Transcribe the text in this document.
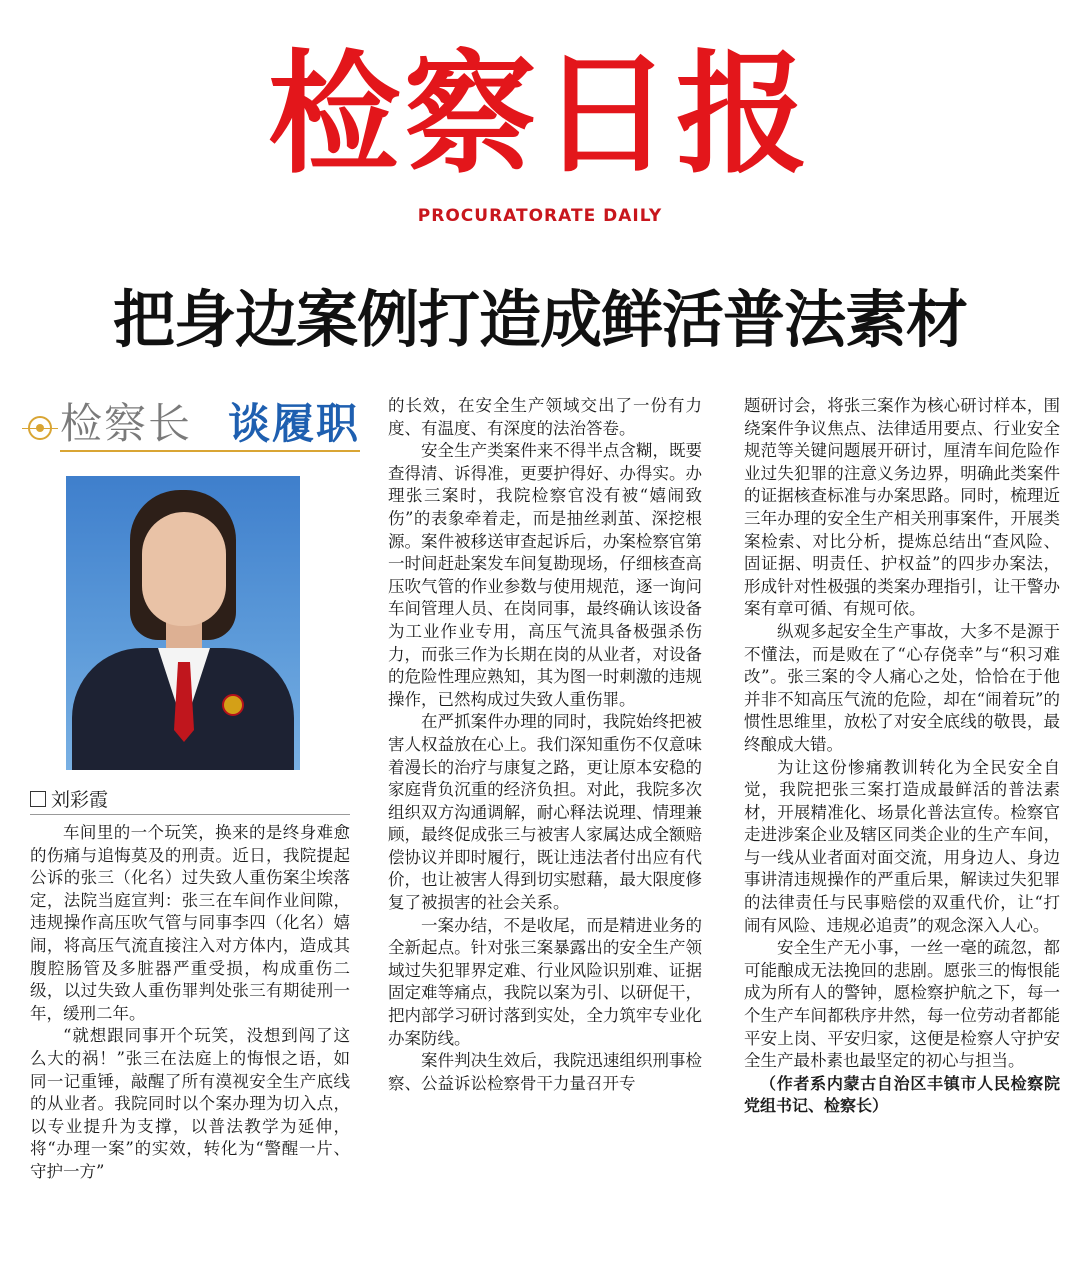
检察日报
PROCURATORATE DAILY
把身边案例打造成鲜活普法素材
检察长 谈履职
刘彩霞

车间里的一个玩笑，换来的是终身难愈的伤痛与追悔莫及的刑责。近日，我院提起公诉的张三（化名）过失致人重伤案尘埃落定，法院当庭宣判：张三在车间作业间隙，违规操作高压吹气管与同事李四（化名）嬉闹，将高压气流直接注入对方体内，造成其腹腔肠管及多脏器严重受损，构成重伤二级，以过失致人重伤罪判处张三有期徒刑一年，缓刑二年。

“就想跟同事开个玩笑，没想到闯了这么大的祸！”张三在法庭上的悔恨之语，如同一记重锤，敲醒了所有漠视安全生产底线的从业者。我院同时以个案办理为切入点，以专业提升为支撑，以普法教学为延伸，将“办理一案”的实效，转化为“警醒一片、守护一方”

的长效，在安全生产领域交出了一份有力度、有温度、有深度的法治答卷。

安全生产类案件来不得半点含糊，既要查得清、诉得准，更要护得好、办得实。办理张三案时，我院检察官没有被“嬉闹致伤”的表象牵着走，而是抽丝剥茧、深挖根源。案件被移送审查起诉后，办案检察官第一时间赶赴案发车间复勘现场，仔细核查高压吹气管的作业参数与使用规范，逐一询问车间管理人员、在岗同事，最终确认该设备为工业作业专用，高压气流具备极强杀伤力，而张三作为长期在岗的从业者，对设备的危险性理应熟知，其为图一时刺激的违规操作，已然构成过失致人重伤罪。

在严抓案件办理的同时，我院始终把被害人权益放在心上。我们深知重伤不仅意味着漫长的治疗与康复之路，更让原本安稳的家庭背负沉重的经济负担。对此，我院多次组织双方沟通调解，耐心释法说理、情理兼顾，最终促成张三与被害人家属达成全额赔偿协议并即时履行，既让违法者付出应有代价，也让被害人得到切实慰藉，最大限度修复了被损害的社会关系。

一案办结，不是收尾，而是精进业务的全新起点。针对张三案暴露出的安全生产领域过失犯罪界定难、行业风险识别难、证据固定难等痛点，我院以案为引、以研促干，把内部学习研讨落到实处，全力筑牢专业化办案防线。

案件判决生效后，我院迅速组织刑事检察、公益诉讼检察骨干力量召开专

题研讨会，将张三案作为核心研讨样本，围绕案件争议焦点、法律适用要点、行业安全规范等关键问题展开研讨，厘清车间危险作业过失犯罪的注意义务边界，明确此类案件的证据核查标准与办案思路。同时，梳理近三年办理的安全生产相关刑事案件，开展类案检索、对比分析，提炼总结出“查风险、固证据、明责任、护权益”的四步办案法，形成针对性极强的类案办理指引，让干警办案有章可循、有规可依。

纵观多起安全生产事故，大多不是源于不懂法，而是败在了“心存侥幸”与“积习难改”。张三案的令人痛心之处，恰恰在于他并非不知高压气流的危险，却在“闹着玩”的惯性思维里，放松了对安全底线的敬畏，最终酿成大错。

为让这份惨痛教训转化为全民安全自觉，我院把张三案打造成最鲜活的普法素材，开展精准化、场景化普法宣传。检察官走进涉案企业及辖区同类企业的生产车间，与一线从业者面对面交流，用身边人、身边事讲清违规操作的严重后果，解读过失犯罪的法律责任与民事赔偿的双重代价，让“打闹有风险、违规必追责”的观念深入人心。

安全生产无小事，一丝一毫的疏忽，都可能酿成无法挽回的悲剧。愿张三的悔恨能成为所有人的警钟，愿检察护航之下，每一个生产车间都秩序井然，每一位劳动者都能平安上岗、平安归家，这便是检察人守护安全生产最朴素也最坚定的初心与担当。

（作者系内蒙古自治区丰镇市人民检察院党组书记、检察长）
